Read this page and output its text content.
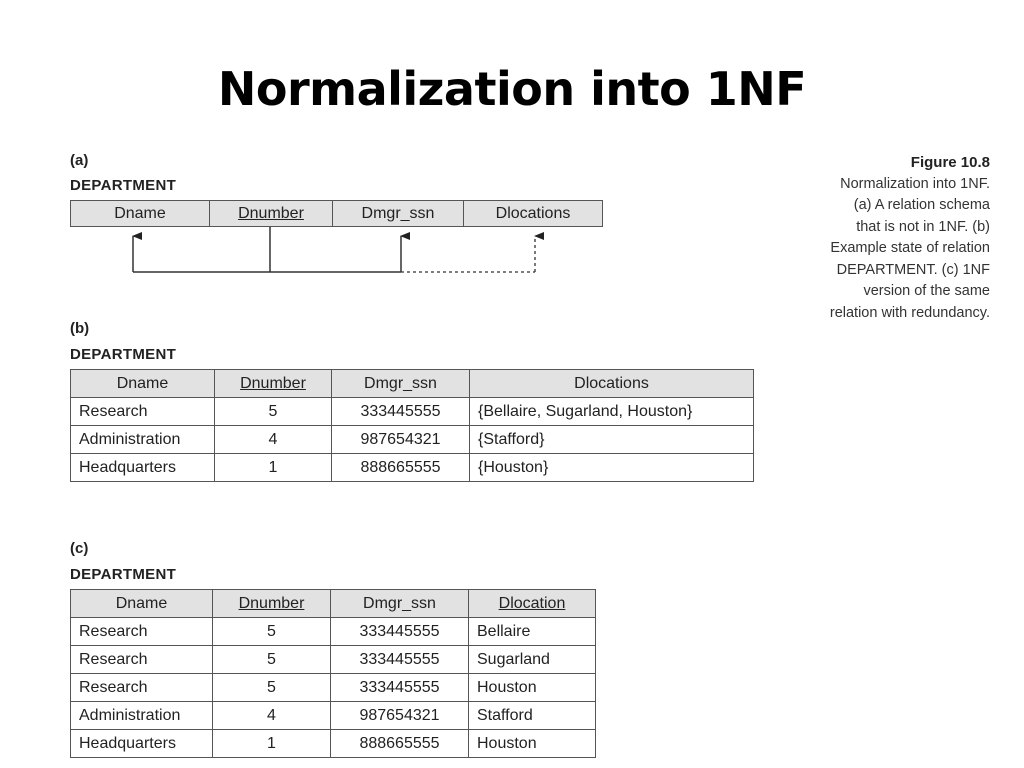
Normalization into 1NF
(a)
DEPARTMENT
Dname	Dnumber	Dmgr_ssn	Dlocations
Figure 10.8
Normalization into 1NF.
(a) A relation schema
that is not in 1NF. (b)
Example state of relation
DEPARTMENT. (c) 1NF
version of the same
relation with redundancy.
(b)
DEPARTMENT
Dname	Dnumber	Dmgr_ssn	Dlocations
Research	5	333445555	{Bellaire, Sugarland, Houston}
Administration	4	987654321	{Stafford}
Headquarters	1	888665555	{Houston}
(c)
DEPARTMENT
Dname	Dnumber	Dmgr_ssn	Dlocation
Research	5	333445555	Bellaire
Research	5	333445555	Sugarland
Research	5	333445555	Houston
Administration	4	987654321	Stafford
Headquarters	1	888665555	Houston
